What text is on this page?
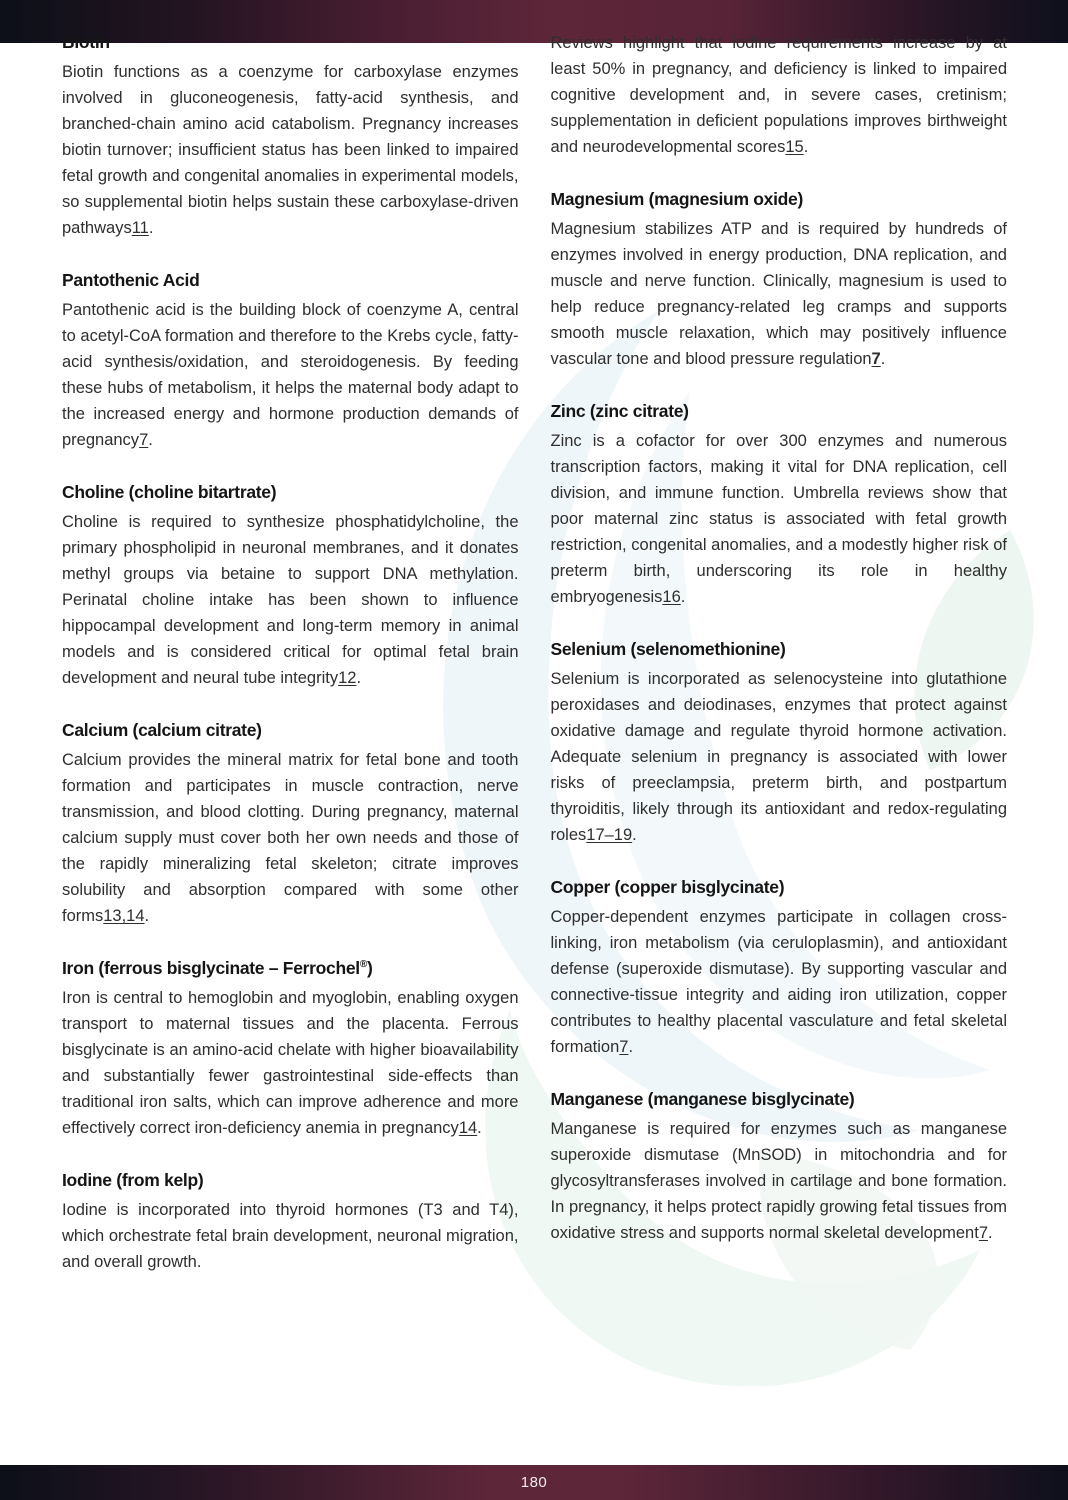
Biotin

Biotin functions as a coenzyme for carboxylase enzymes involved in gluconeogenesis, fatty-acid synthesis, and branched-chain amino acid catabolism. Pregnancy increases biotin turnover; insufficient status has been linked to impaired fetal growth and congenital anomalies in experimental models, so supplemental biotin helps sustain these carboxylase-driven pathways11.

Pantothenic Acid

Pantothenic acid is the building block of coenzyme A, central to acetyl-CoA formation and therefore to the Krebs cycle, fatty-acid synthesis/oxidation, and steroidogenesis. By feeding these hubs of metabolism, it helps the maternal body adapt to the increased energy and hormone production demands of pregnancy7.

Choline (choline bitartrate)

Choline is required to synthesize phosphatidylcholine, the primary phospholipid in neuronal membranes, and it donates methyl groups via betaine to support DNA methylation. Perinatal choline intake has been shown to influence hippocampal development and long-term memory in animal models and is considered critical for optimal fetal brain development and neural tube integrity12.

Calcium (calcium citrate)

Calcium provides the mineral matrix for fetal bone and tooth formation and participates in muscle contraction, nerve transmission, and blood clotting. During pregnancy, maternal calcium supply must cover both her own needs and those of the rapidly mineralizing fetal skeleton; citrate improves solubility and absorption compared with some other forms13,14.

Iron (ferrous bisglycinate – Ferrochel®)

Iron is central to hemoglobin and myoglobin, enabling oxygen transport to maternal tissues and the placenta. Ferrous bisglycinate is an amino-acid chelate with higher bioavailability and substantially fewer gastrointestinal side-effects than traditional iron salts, which can improve adherence and more effectively correct iron-deficiency anemia in pregnancy14.

Iodine (from kelp)

Iodine is incorporated into thyroid hormones (T3 and T4), which orchestrate fetal brain development, neuronal migration, and overall growth.

Reviews highlight that iodine requirements increase by at least 50% in pregnancy, and deficiency is linked to impaired cognitive development and, in severe cases, cretinism; supplementation in deficient populations improves birthweight and neurodevelopmental scores15.

Magnesium (magnesium oxide)

Magnesium stabilizes ATP and is required by hundreds of enzymes involved in energy production, DNA replication, and muscle and nerve function. Clinically, magnesium is used to help reduce pregnancy-related leg cramps and supports smooth muscle relaxation, which may positively influence vascular tone and blood pressure regulation7.

Zinc (zinc citrate)

Zinc is a cofactor for over 300 enzymes and numerous transcription factors, making it vital for DNA replication, cell division, and immune function. Umbrella reviews show that poor maternal zinc status is associated with fetal growth restriction, congenital anomalies, and a modestly higher risk of preterm birth, underscoring its role in healthy embryogenesis16.

Selenium (selenomethionine)

Selenium is incorporated as selenocysteine into glutathione peroxidases and deiodinases, enzymes that protect against oxidative damage and regulate thyroid hormone activation. Adequate selenium in pregnancy is associated with lower risks of preeclampsia, preterm birth, and postpartum thyroiditis, likely through its antioxidant and redox-regulating roles17–19.

Copper (copper bisglycinate)

Copper-dependent enzymes participate in collagen cross-linking, iron metabolism (via ceruloplasmin), and antioxidant defense (superoxide dismutase). By supporting vascular and connective-tissue integrity and aiding iron utilization, copper contributes to healthy placental vasculature and fetal skeletal formation7.

Manganese (manganese bisglycinate)

Manganese is required for enzymes such as manganese superoxide dismutase (MnSOD) in mitochondria and for glycosyltransferases involved in cartilage and bone formation. In pregnancy, it helps protect rapidly growing fetal tissues from oxidative stress and supports normal skeletal development7.

180
